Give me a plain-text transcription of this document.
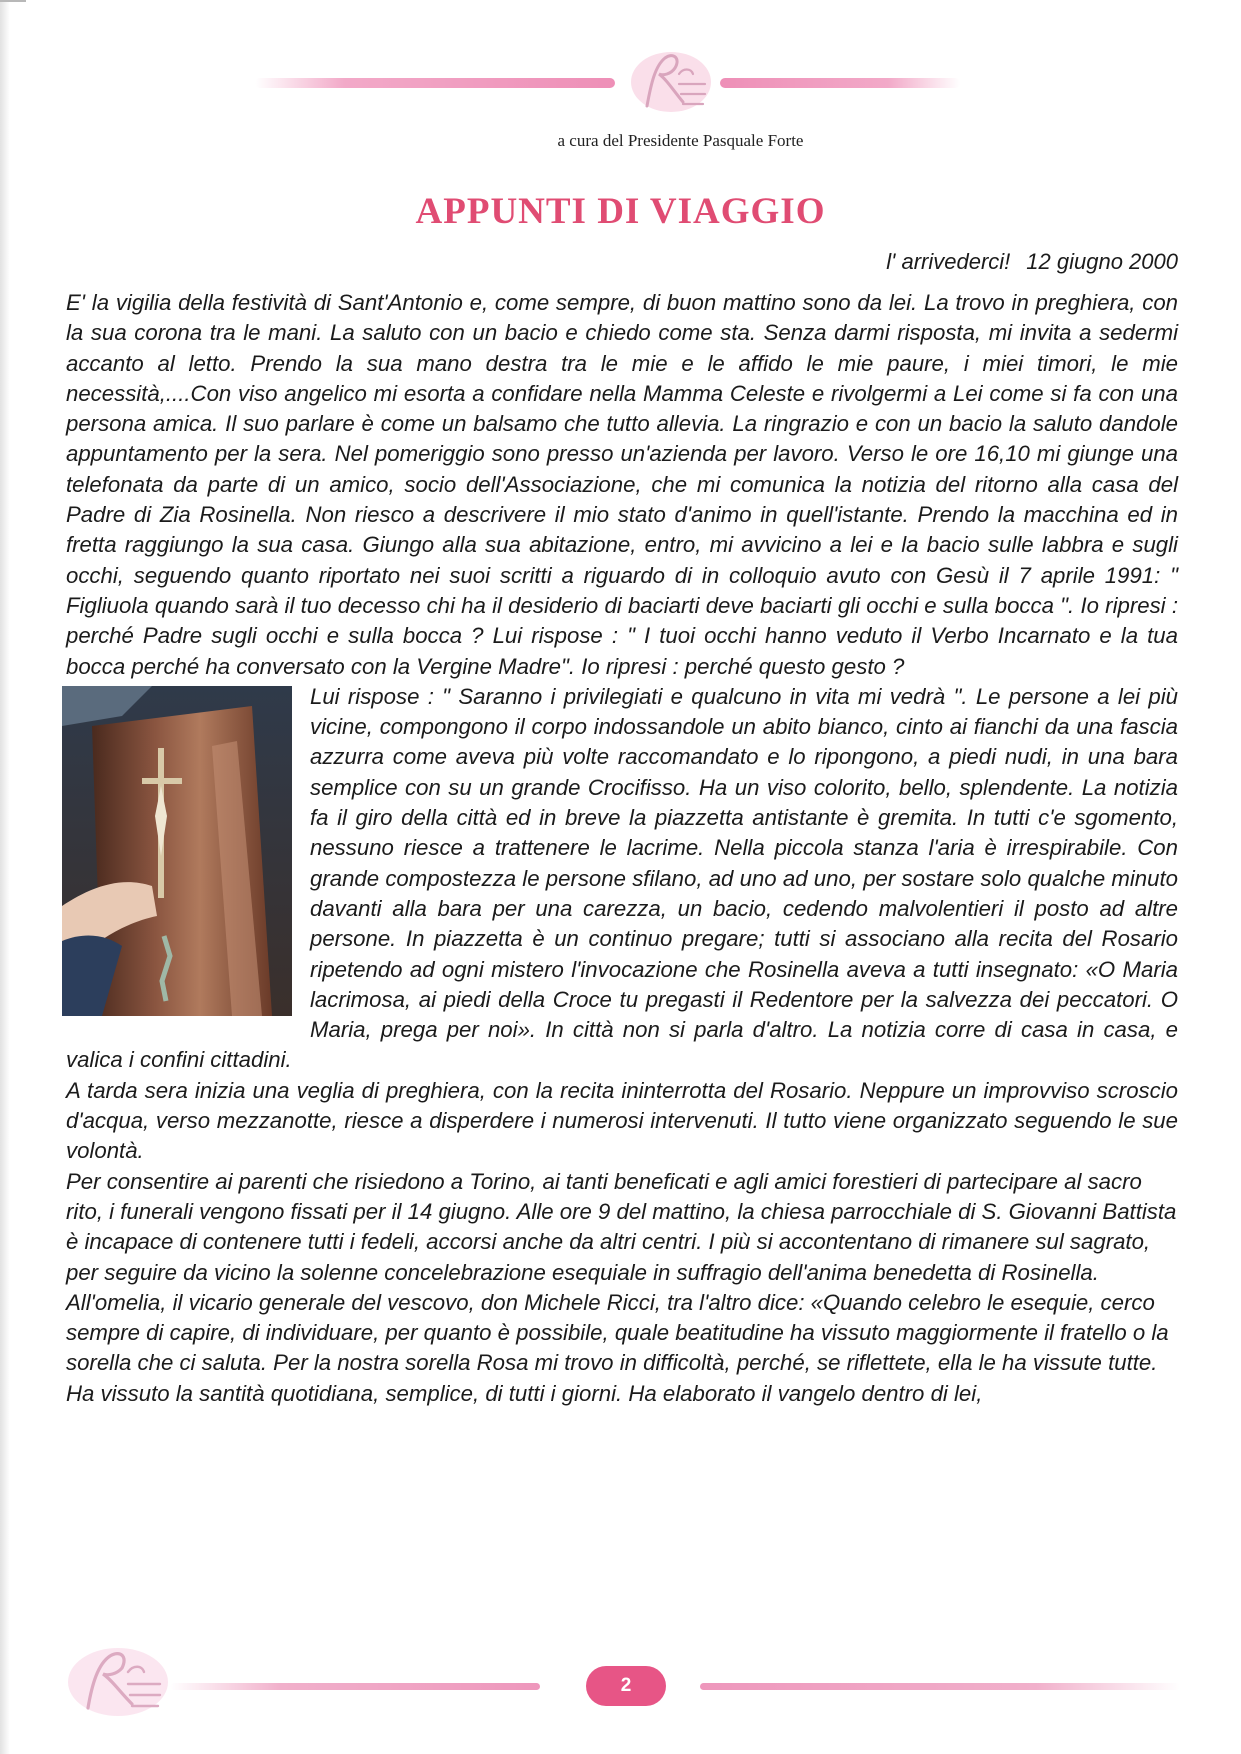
a cura del Presidente Pasquale Forte
APPUNTI DI VIAGGIO
l' arrivederci! 12 giugno 2000

E' la vigilia della festività di Sant'Antonio e, come sempre, di buon mattino sono da lei. La trovo in preghiera, con la sua corona tra le mani. La saluto con un bacio e chiedo come sta. Senza darmi risposta, mi invita a sedermi accanto al letto. Prendo la sua mano destra tra le mie e le affido le mie paure, i miei timori, le mie necessità,....Con viso angelico mi esorta a confidare nella Mamma Celeste e rivolgermi a Lei come si fa con una persona amica. Il suo parlare è come un balsamo che tutto allevia. La ringrazio e con un bacio la saluto dandole appuntamento per la sera. Nel pomeriggio sono presso un'azienda per lavoro. Verso le ore 16,10 mi giunge una telefonata da parte di un amico, socio dell'Associazione, che mi comunica la notizia del ritorno alla casa del Padre di Zia Rosinella. Non riesco a descrivere il mio stato d'animo in quell'istante. Prendo la macchina ed in fretta raggiungo la sua casa. Giungo alla sua abitazione, entro, mi avvicino a lei e la bacio sulle labbra e sugli occhi, seguendo quanto riportato nei suoi scritti a riguardo di in colloquio avuto con Gesù il 7 aprile 1991: " Figliuola quando sarà il tuo decesso chi ha il desiderio di baciarti deve baciarti gli occhi e sulla bocca ". Io ripresi : perché Padre sugli occhi e sulla bocca ? Lui rispose : " I tuoi occhi hanno veduto il Verbo Incarnato e la tua bocca perché ha conversato con la Vergine Madre". Io ripresi : perché questo gesto ?

Lui rispose : " Saranno i privilegiati e qualcuno in vita mi vedrà ". Le persone a lei più vicine, compongono il corpo indossandole un abito bianco, cinto ai fianchi da una fascia azzurra come aveva più volte raccomandato e lo ripongono, a piedi nudi, in una bara semplice con su un grande Crocifisso. Ha un viso colorito, bello, splendente. La notizia fa il giro della città ed in breve la piazzetta antistante è gremita. In tutti c'e sgomento, nessuno riesce a trattenere le lacrime. Nella piccola stanza l'aria è irrespirabile. Con grande compostezza le persone sfilano, ad uno ad uno, per sostare solo qualche minuto davanti alla bara per una carezza, un bacio, cedendo malvolentieri il posto ad altre persone. In piazzetta è un continuo pregare; tutti si associano alla recita del Rosario ripetendo ad ogni mistero l'invocazione che Rosinella aveva a tutti insegnato: «O Maria lacrimosa, ai piedi della Croce tu pregasti il Redentore per la salvezza dei peccatori. O Maria, prega per noi». In città non si parla d'altro. La notizia corre di casa in casa, e valica i confini cittadini.

A tarda sera inizia una veglia di preghiera, con la recita ininterrotta del Rosario. Neppure un improvviso scroscio d'acqua, verso mezzanotte, riesce a disperdere i numerosi intervenuti. Il tutto viene organizzato seguendo le sue volontà.

Per consentire ai parenti che risiedono a Torino, ai tanti beneficati e agli amici forestieri di partecipare al sacro rito, i funerali vengono fissati per il 14 giugno. Alle ore 9 del mattino, la chiesa parrocchiale di S. Giovanni Battista è incapace di contenere tutti i fedeli, accorsi anche da altri centri. I più si accontentano di rimanere sul sagrato, per seguire da vicino la solenne concelebrazione esequiale in suffragio dell'anima benedetta di Rosinella. All'omelia, il vicario generale del vescovo, don Michele Ricci, tra l'altro dice: «Quando celebro le esequie, cerco sempre di capire, di individuare, per quanto è possibile, quale beatitudine ha vissuto maggiormente il fratello o la sorella che ci saluta. Per la nostra sorella Rosa mi trovo in difficoltà, perché, se riflettete, ella le ha vissute tutte. Ha vissuto la santità quotidiana, semplice, di tutti i giorni. Ha elaborato il vangelo dentro di lei,

2
